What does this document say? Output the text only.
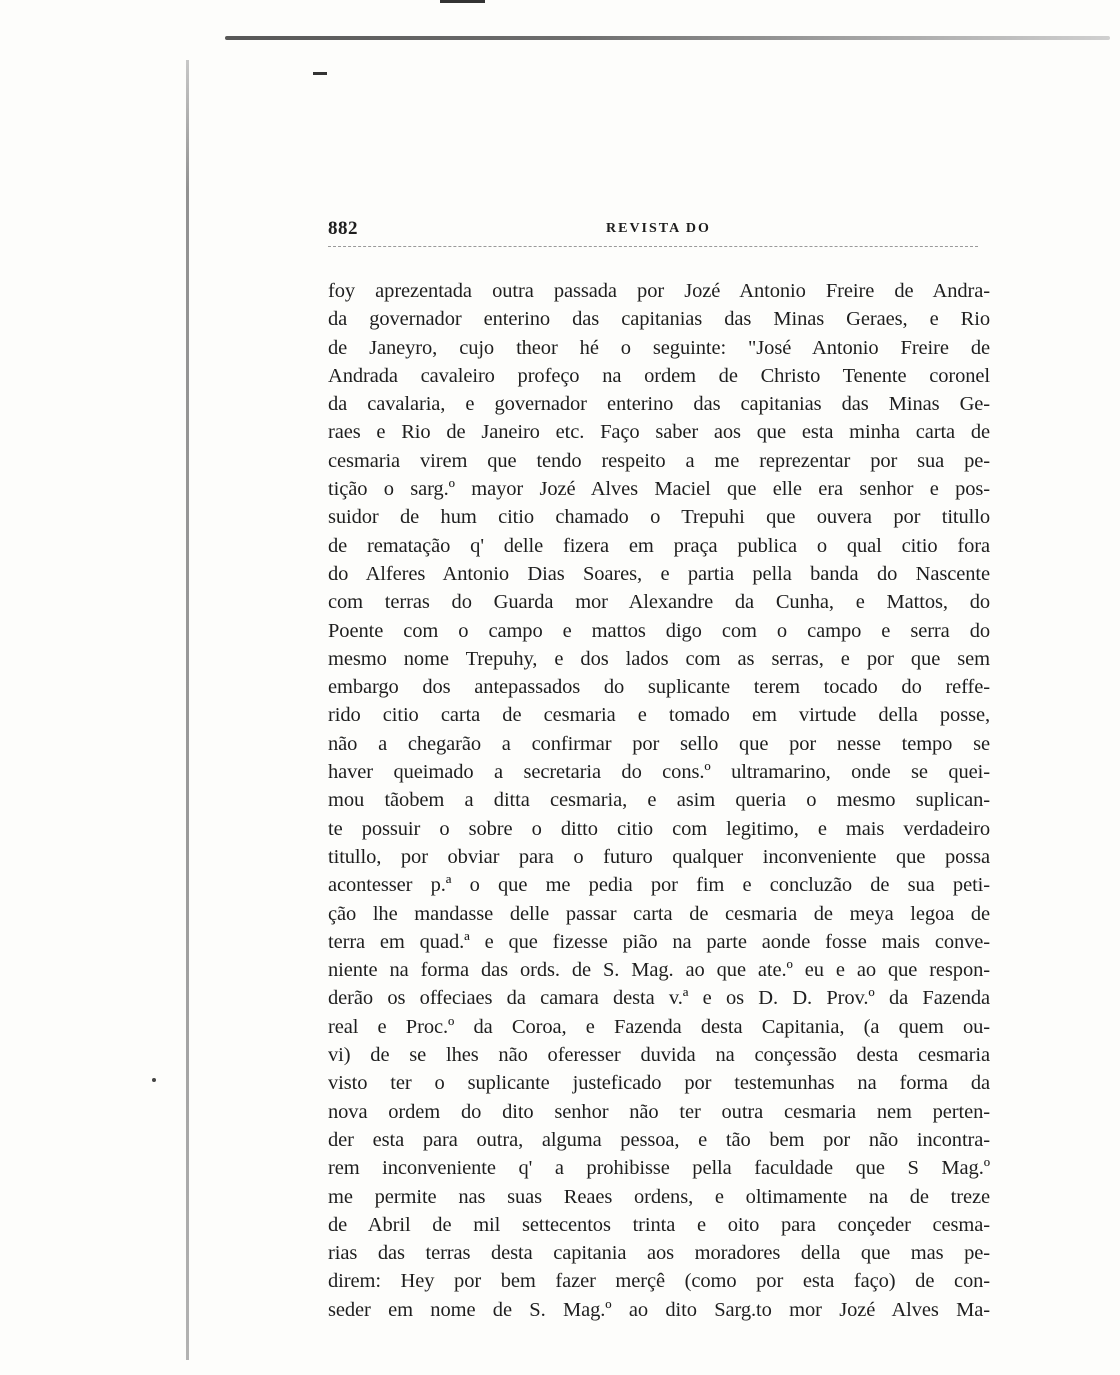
882	REVISTA DO
foy aprezentada outra passada por Jozé Antonio Freire de Andra-
da governador enterino das capitanias das Minas Geraes, e Rio
de Janeyro, cujo theor hé o seguinte: "José Antonio Freire de
Andrada cavaleiro profeço na ordem de Christo Tenente coronel
da cavalaria, e governador enterino das capitanias das Minas Ge-
raes e Rio de Janeiro etc. Faço saber aos que esta minha carta de
cesmaria virem que tendo respeito a me reprezentar por sua pe-
tição o sarg.º mayor Jozé Alves Maciel que elle era senhor e pos-
suidor de hum citio chamado o Trepuhi que ouvera por titullo
de rematação q' delle fizera em praça publica o qual citio fora
do Alferes Antonio Dias Soares, e partia pella banda do Nascente
com terras do Guarda mor Alexandre da Cunha, e Mattos, do
Poente com o campo e mattos digo com o campo e serra do
mesmo nome Trepuhy, e dos lados com as serras, e por que sem
embargo dos antepassados do suplicante terem tocado do reffe-
rido citio carta de cesmaria e tomado em virtude della posse,
não a chegarão a confirmar por sello que por nesse tempo se
haver queimado a secretaria do cons.º ultramarino, onde se quei-
mou tãobem a ditta cesmaria, e asim queria o mesmo suplican-
te possuir o sobre o ditto citio com legitimo, e mais verdadeiro
titullo, por obviar para o futuro qualquer inconveniente que possa
acontesser p.ª o que me pedia por fim e concluzão de sua peti-
ção lhe mandasse delle passar carta de cesmaria de meya legoa de
terra em quad.ª e que fizesse pião na parte aonde fosse mais conve-
niente na forma das ords. de S. Mag. ao que ate.º eu e ao que respon-
derão os offeciaes da camara desta v.ª e os D. D. Prov.º da Fazenda
real e Proc.º da Coroa, e Fazenda desta Capitania, (a quem ou-
vi) de se lhes não oferesser duvida na conçessão desta cesmaria
visto ter o suplicante justeficado por testemunhas na forma da
nova ordem do dito senhor não ter outra cesmaria nem perten-
der esta para outra, alguma pessoa, e tão bem por não incontra-
rem inconveniente q' a prohibisse pella faculdade que S Mag.º
me permite nas suas Reaes ordens, e oltimamente na de treze
de Abril de mil settecentos trinta e oito para conçeder cesma-
rias das terras desta capitania aos moradores della que mas pe-
direm: Hey por bem fazer merçê (como por esta faço) de con-
seder em nome de S. Mag.º ao dito Sarg.to mor Jozé Alves Ma-
